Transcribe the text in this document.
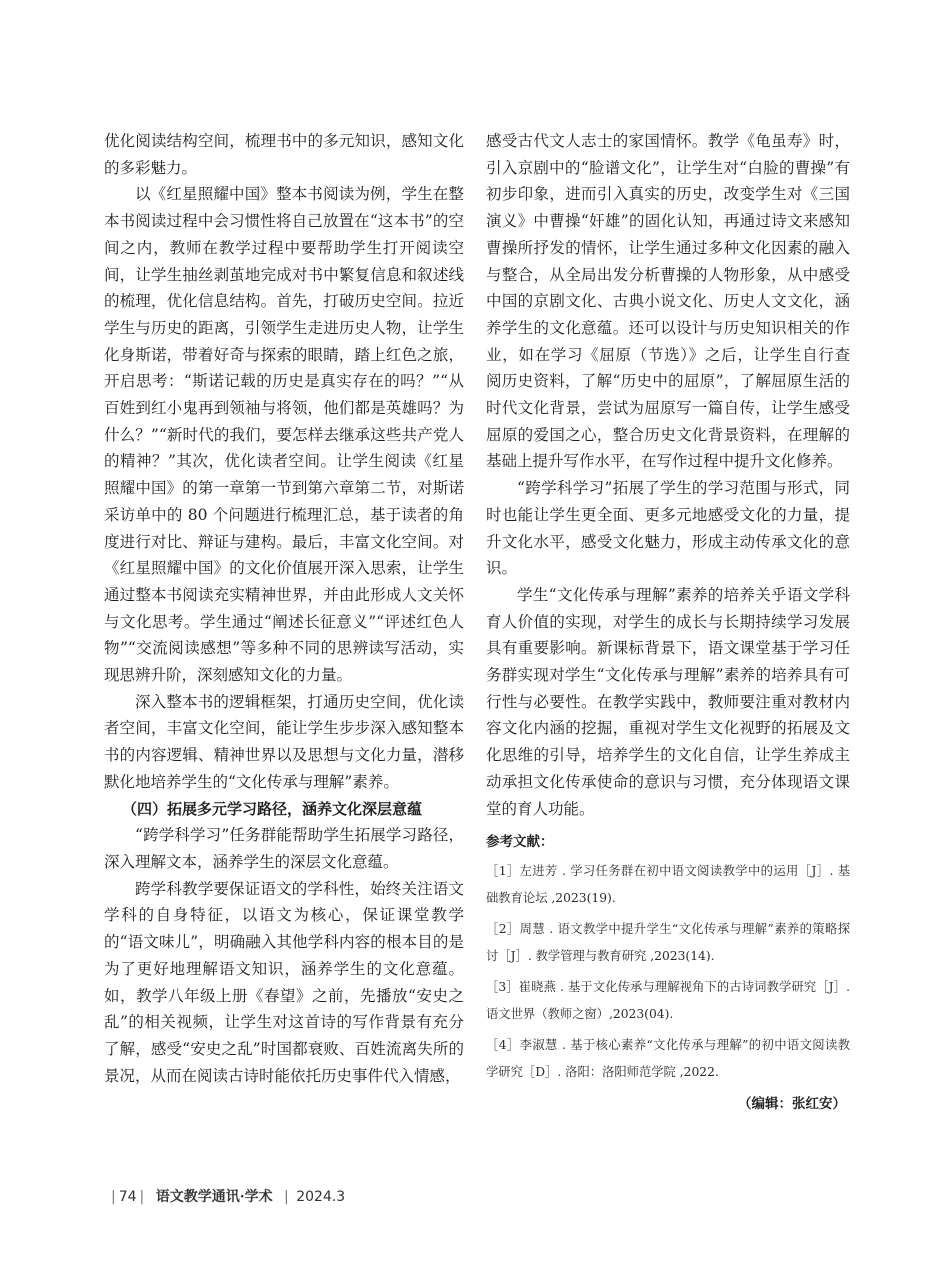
优化阅读结构空间，梳理书中的多元知识，感知文化的多彩魅力。

以《红星照耀中国》整本书阅读为例，学生在整本书阅读过程中会习惯性将自己放置在“这本书”的空间之内，教师在教学过程中要帮助学生打开阅读空间，让学生抽丝剥茧地完成对书中繁复信息和叙述线的梳理，优化信息结构。首先，打破历史空间。拉近学生与历史的距离，引领学生走进历史人物，让学生化身斯诺，带着好奇与探索的眼睛，踏上红色之旅，开启思考：“斯诺记载的历史是真实存在的吗？”“从百姓到红小鬼再到领袖与将领，他们都是英雄吗？为什么？”“新时代的我们，要怎样去继承这些共产党人的精神？”其次，优化读者空间。让学生阅读《红星照耀中国》的第一章第一节到第六章第二节，对斯诺采访单中的 80 个问题进行梳理汇总，基于读者的角度进行对比、辩证与建构。最后，丰富文化空间。对《红星照耀中国》的文化价值展开深入思索，让学生通过整本书阅读充实精神世界，并由此形成人文关怀与文化思考。学生通过“阐述长征意义”“评述红色人物”“交流阅读感想”等多种不同的思辨读写活动，实现思辨升阶，深刻感知文化的力量。

深入整本书的逻辑框架，打通历史空间，优化读者空间，丰富文化空间，能让学生步步深入感知整本书的内容逻辑、精神世界以及思想与文化力量，潜移默化地培养学生的“文化传承与理解”素养。

（四）拓展多元学习路径，涵养文化深层意蕴

“跨学科学习”任务群能帮助学生拓展学习路径，深入理解文本，涵养学生的深层文化意蕴。

跨学科教学要保证语文的学科性，始终关注语文学科的自身特征，以语文为核心，保证课堂教学的“语文味儿”，明确融入其他学科内容的根本目的是为了更好地理解语文知识，涵养学生的文化意蕴。如，教学八年级上册《春望》之前，先播放“安史之乱”的相关视频，让学生对这首诗的写作背景有充分了解，感受“安史之乱”时国都衰败、百姓流离失所的景况，从而在阅读古诗时能依托历史事件代入情感，

感受古代文人志士的家国情怀。教学《龟虽寿》时，引入京剧中的“脸谱文化”，让学生对“白脸的曹操”有初步印象，进而引入真实的历史，改变学生对《三国演义》中曹操“奸雄”的固化认知，再通过诗文来感知曹操所抒发的情怀，让学生通过多种文化因素的融入与整合，从全局出发分析曹操的人物形象，从中感受中国的京剧文化、古典小说文化、历史人文文化，涵养学生的文化意蕴。还可以设计与历史知识相关的作业，如在学习《屈原（节选）》之后，让学生自行查阅历史资料，了解“历史中的屈原”，了解屈原生活的时代文化背景，尝试为屈原写一篇自传，让学生感受屈原的爱国之心，整合历史文化背景资料，在理解的基础上提升写作水平，在写作过程中提升文化修养。

“跨学科学习”拓展了学生的学习范围与形式，同时也能让学生更全面、更多元地感受文化的力量，提升文化水平，感受文化魅力，形成主动传承文化的意识。

学生“文化传承与理解”素养的培养关乎语文学科育人价值的实现，对学生的成长与长期持续学习发展具有重要影响。新课标背景下，语文课堂基于学习任务群实现对学生“文化传承与理解”素养的培养具有可行性与必要性。在教学实践中，教师要注重对教材内容文化内涵的挖掘，重视对学生文化视野的拓展及文化思维的引导，培养学生的文化自信，让学生养成主动承担文化传承使命的意识与习惯，充分体现语文课堂的育人功能。

参考文献：

［1］左进芳 . 学习任务群在初中语文阅读教学中的运用［J］. 基础教育论坛 ,2023(19).

［2］周慧 . 语文教学中提升学生“文化传承与理解”素养的策略探讨［J］. 教学管理与教育研究 ,2023(14).

［3］崔晓燕 . 基于文化传承与理解视角下的古诗词教学研究［J］. 语文世界（教师之窗）,2023(04).

［4］李淑慧 . 基于核心素养“文化传承与理解”的初中语文阅读教学研究［D］. 洛阳：洛阳师范学院 ,2022.

（编辑：张红安）

| 74 | 语文教学通讯·学术 | 2024.3
